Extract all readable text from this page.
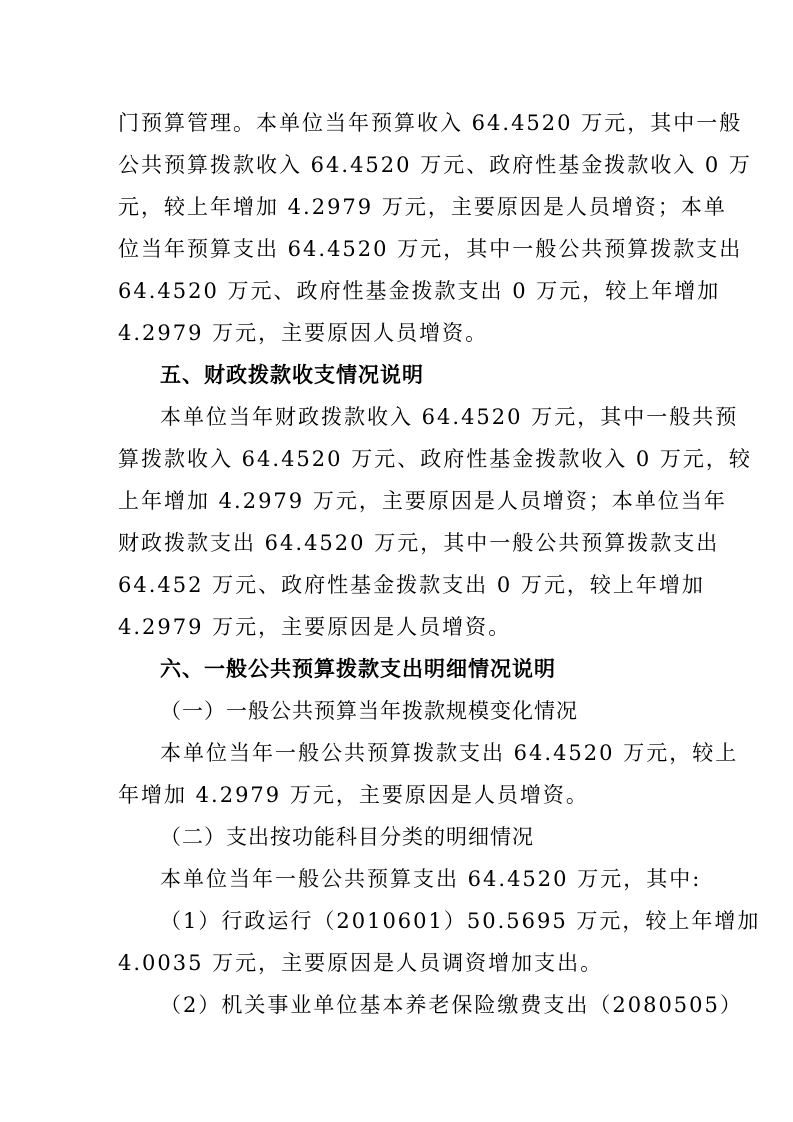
门预算管理。本单位当年预算收入 64.4520 万元，其中一般
公共预算拨款收入 64.4520 万元、政府性基金拨款收入 0 万
元，较上年增加 4.2979 万元，主要原因是人员增资；本单
位当年预算支出 64.4520 万元，其中一般公共预算拨款支出
64.4520 万元、政府性基金拨款支出 0 万元，较上年增加
4.2979 万元，主要原因人员增资。
五、财政拨款收支情况说明
本单位当年财政拨款收入 64.4520 万元，其中一般共预
算拨款收入 64.4520 万元、政府性基金拨款收入 0 万元，较
上年增加 4.2979 万元，主要原因是人员增资；本单位当年
财政拨款支出 64.4520 万元，其中一般公共预算拨款支出
64.452 万元、政府性基金拨款支出 0 万元，较上年增加
4.2979 万元，主要原因是人员增资。
六、一般公共预算拨款支出明细情况说明
（一）一般公共预算当年拨款规模变化情况
本单位当年一般公共预算拨款支出 64.4520 万元，较上
年增加 4.2979 万元，主要原因是人员增资。
（二）支出按功能科目分类的明细情况
本单位当年一般公共预算支出 64.4520 万元，其中:
（1）行政运行（2010601）50.5695 万元，较上年增加
4.0035 万元，主要原因是人员调资增加支出。
（2）机关事业单位基本养老保险缴费支出（2080505）
